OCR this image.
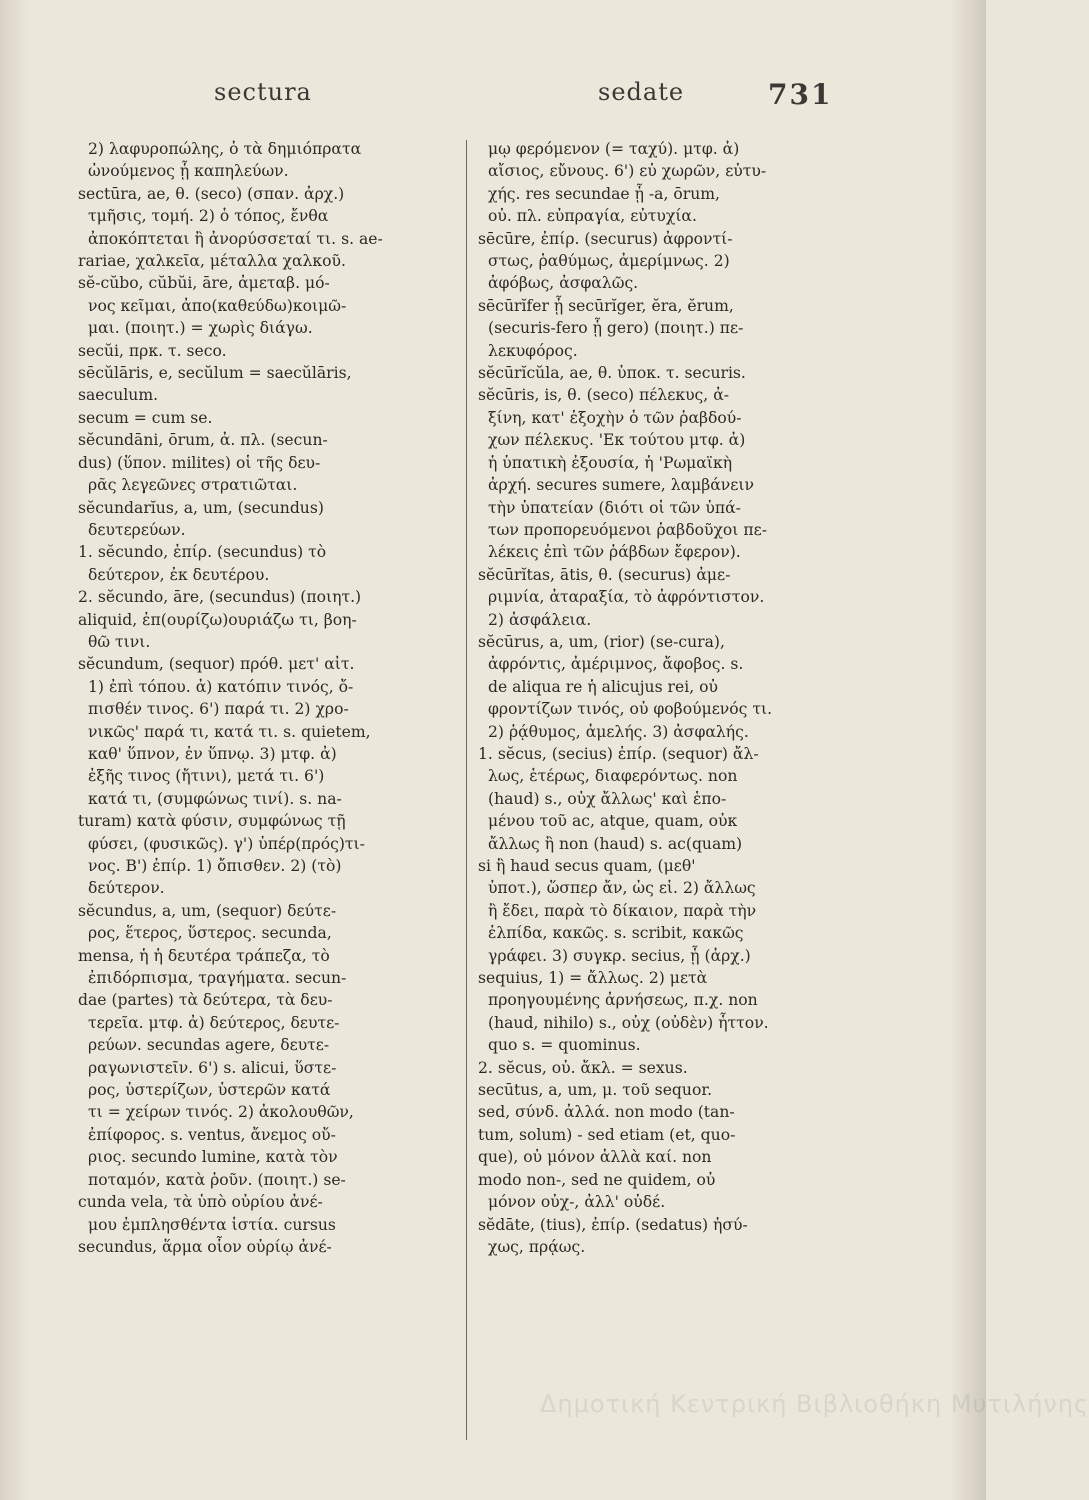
sectura	sedate	731
2) λαφυροπώλης, ὁ τὰ δημιόπρατα
ὠνούμενος ᾗ καπηλεύων.
sectūra, ae, θ. (seco) (σπαν. ἀρχ.)
τμῆσις, τομή. 2) ὁ τόπος, ἔνθα
ἀποκόπτεται ἢ ἀνορύσσεταί τι. s. ae-
rariae, χαλκεῖα, μέταλλα χαλκοῦ.
sĕ-cŭbo, cŭbŭi, āre, ἀμεταβ. μό-
νος κεῖμαι, ἀπο(καθεύδω)κοιμῶ-
μαι. (ποιητ.) = χωρὶς διάγω.
secŭi, πρκ. τ. seco.
sēcŭlāris, e, secŭlum = saecŭlāris,
saeculum.
secum = cum se.
sĕcundāni, ōrum, ἀ. πλ. (secun-
dus) (ὕπον. milites) οἱ τῆς δευ-
ρᾶς λεγεῶνες στρατιῶται.
sĕcundarĭus, a, um, (secundus)
δευτερεύων.
1. sĕcundo, ἐπίρ. (secundus) τὸ
δεύτερον, ἐκ δευτέρου.
2. sĕcundo, āre, (secundus) (ποιητ.)
aliquid, ἐπ(ουρίζω)ουριάζω τι, βοη-
θῶ τινι.
sĕcundum, (sequor) πρόθ. μετ' αἰτ.
1) ἐπὶ τόπου. ἀ) κατόπιν τινός, ὄ-
πισθέν τινος. 6') παρά τι. 2) χρο-
νικῶς' παρά τι, κατά τι. s. quietem,
καθ' ὕπνον, ἐν ὕπνῳ. 3) μτφ. ἀ)
ἐξῆς τινος (ἤτινι), μετά τι. 6')
κατά τι, (συμφώνως τινί). s. na-
turam) κατὰ φύσιν, συμφώνως τῇ
φύσει, (φυσικῶς). γ') ὑπέρ(πρός)τι-
νος. Β') ἐπίρ. 1) ὄπισθεν. 2) (τὸ)
δεύτερον.
sĕcundus, a, um, (sequor) δεύτε-
ρος, ἕτερος, ὕστερος. secunda,
mensa, ἡ ἡ δευτέρα τράπεζα, τὸ
ἐπιδόρπισμα, τραγήματα. secun-
dae (partes) τὰ δεύτερα, τὰ δευ-
τερεῖα. μτφ. ἀ) δεύτερος, δευτε-
ρεύων. secundas agere, δευτε-
ραγωνιστεῖν. 6') s. alicui, ὕστε-
ρος, ὑστερίζων, ὑστερῶν κατά
τι = χείρων τινός. 2) ἀκολουθῶν,
ἐπίφορος. s. ventus, ἄνεμος οὔ-
ριος. secundo lumine, κατὰ τὸν
ποταμόν, κατὰ ῥοῦν. (ποιητ.) se-
cunda vela, τὰ ὑπὸ οὐρίου ἀνέ-
μου ἐμπλησθέντα ἱστία. cursus
secundus, ἅρμα οἷον οὐρίῳ ἀνέ-
μῳ φερόμενον (= ταχύ). μτφ. ἀ)
αἴσιος, εὔνους. 6') εὐ χωρῶν, εὐτυ-
χής. res secundae ᾗ -a, ōrum,
οὐ. πλ. εὐπραγία, εὐτυχία.
sēcūre, ἐπίρ. (securus) ἀφροντί-
στως, ῥαθύμως, ἀμερίμνως. 2)
ἀφόβως, ἀσφαλῶς.
sēcūrĭfer ᾗ secūrĭger, ĕra, ĕrum,
(securis-fero ᾗ gero) (ποιητ.) πε-
λεκυφόρος.
sĕcūrĭcŭla, ae, θ. ὑποκ. τ. securis.
sĕcūris, is, θ. (seco) πέλεκυς, ἀ-
ξίνη, κατ' ἐξοχὴν ὁ τῶν ῥαβδού-
χων πέλεκυς. 'Εκ τούτου μτφ. ἀ)
ἡ ὑπατικὴ ἐξουσία, ἡ 'Ρωμαϊκὴ
ἀρχή. secures sumere, λαμβάνειν
τὴν ὑπατείαν (διότι οἱ τῶν ὑπά-
των προπορευόμενοι ῥαβδοῦχοι πε-
λέκεις ἐπὶ τῶν ῥάβδων ἔφερον).
sĕcūrĭtas, ātis, θ. (securus) ἀμε-
ριμνία, ἀταραξία, τὸ ἀφρόντιστον.
2) ἀσφάλεια.
sĕcūrus, a, um, (rior) (se-cura),
ἀφρόντις, ἀμέριμνος, ἄφοβος. s.
de aliqua re ἡ alicujus rei, οὐ
φροντίζων τινός, οὐ φοβούμενός τι.
2) ῥᾴθυμος, ἀμελής. 3) ἀσφαλής.
1. sĕcus, (secius) ἐπίρ. (sequor) ἄλ-
λως, ἑτέρως, διαφερόντως. non
(haud) s., οὐχ ἄλλως' καὶ ἑπο-
μένου τοῦ ac, atque, quam, οὐκ
ἄλλως ἢ non (haud) s. ac(quam)
si ἢ haud secus quam, (μεθ'
ὑποτ.), ὥσπερ ἄν, ὡς εἰ. 2) ἄλλως
ἢ ἔδει, παρὰ τὸ δίκαιον, παρὰ τὴν
ἐλπίδα, κακῶς. s. scribit, κακῶς
γράφει. 3) συγκρ. secius, ᾗ (ἀρχ.)
sequius, 1) = ἄλλως. 2) μετὰ
προηγουμένης ἀρνήσεως, π.χ. non
(haud, nihilo) s., οὐχ (οὐδὲν) ἧττον.
quo s. = quominus.
2. sĕcus, οὐ. ἄκλ. = sexus.
secūtus, a, um, μ. τοῦ sequor.
sed, σύνδ. ἀλλά. non modo (tan-
tum, solum) - sed etiam (et, quo-
que), οὐ μόνον ἀλλὰ καί. non
modo non-, sed ne quidem, οὐ
μόνον οὐχ-, ἀλλ' οὐδέ.
sĕdāte, (tius), ἐπίρ. (sedatus) ἡσύ-
χως, πρᾴως.
Δημοτική Κεντρική Βιβλιοθήκη Μυτιλήνης
